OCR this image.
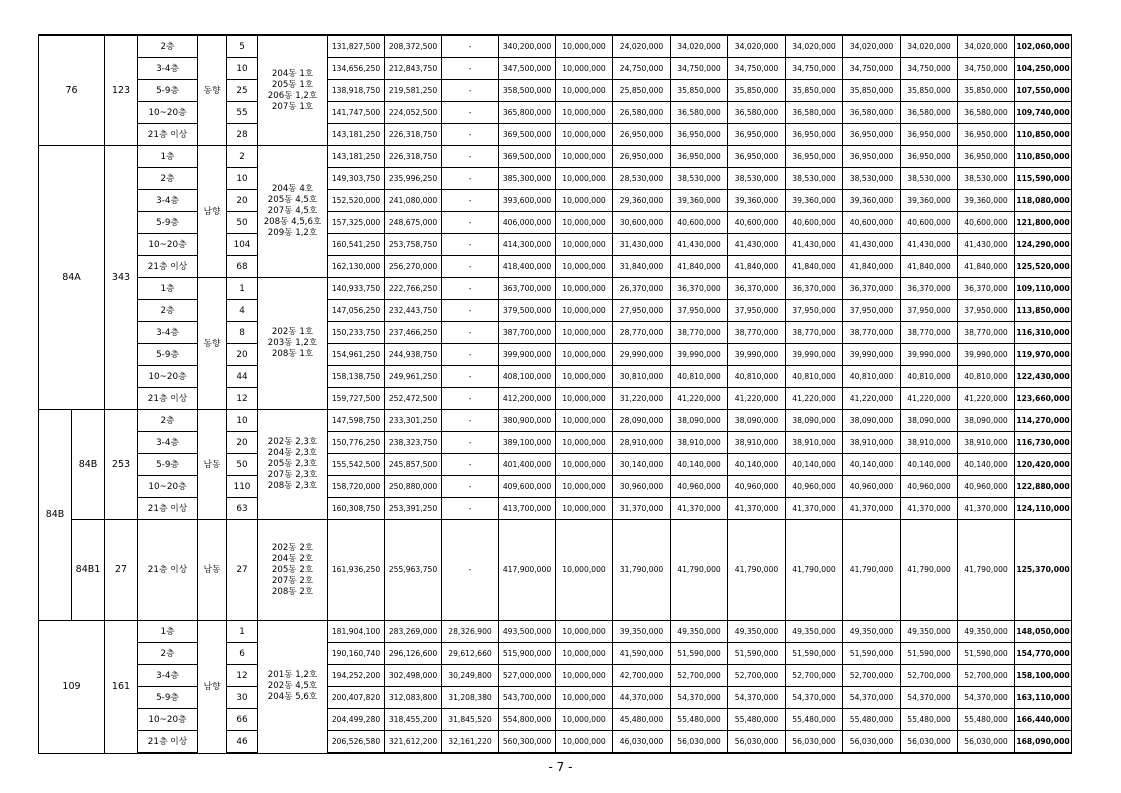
76		123	2층	동향	5	204동 1호
205동 1호
206동 1,2호
207동 1호	131,827,500	208,372,500	-	340,200,000	10,000,000	24,020,000	34,020,000	34,020,000	34,020,000	34,020,000	34,020,000	34,020,000	102,060,000
			3-4층		10		134,656,250	212,843,750	-	347,500,000	10,000,000	24,750,000	34,750,000	34,750,000	34,750,000	34,750,000	34,750,000	34,750,000	104,250,000
			5-9층		25		138,918,750	219,581,250	-	358,500,000	10,000,000	25,850,000	35,850,000	35,850,000	35,850,000	35,850,000	35,850,000	35,850,000	107,550,000
			10~20층		55		141,747,500	224,052,500	-	365,800,000	10,000,000	26,580,000	36,580,000	36,580,000	36,580,000	36,580,000	36,580,000	36,580,000	109,740,000
			21층 이상		28		143,181,250	226,318,750	-	369,500,000	10,000,000	26,950,000	36,950,000	36,950,000	36,950,000	36,950,000	36,950,000	36,950,000	110,850,000
84A		343	1층	남향	2	204동 4호
205동 4,5호
207동 4,5호
208동 4,5,6호
209동 1,2호	143,181,250	226,318,750	-	369,500,000	10,000,000	26,950,000	36,950,000	36,950,000	36,950,000	36,950,000	36,950,000	36,950,000	110,850,000
			2층		10		149,303,750	235,996,250	-	385,300,000	10,000,000	28,530,000	38,530,000	38,530,000	38,530,000	38,530,000	38,530,000	38,530,000	115,590,000
			3-4층		20		152,520,000	241,080,000	-	393,600,000	10,000,000	29,360,000	39,360,000	39,360,000	39,360,000	39,360,000	39,360,000	39,360,000	118,080,000
			5-9층		50		157,325,000	248,675,000	-	406,000,000	10,000,000	30,600,000	40,600,000	40,600,000	40,600,000	40,600,000	40,600,000	40,600,000	121,800,000
			10~20층		104		160,541,250	253,758,750	-	414,300,000	10,000,000	31,430,000	41,430,000	41,430,000	41,430,000	41,430,000	41,430,000	41,430,000	124,290,000
			21층 이상		68		162,130,000	256,270,000	-	418,400,000	10,000,000	31,840,000	41,840,000	41,840,000	41,840,000	41,840,000	41,840,000	41,840,000	125,520,000
			1층	동향	1	202동 1호
203동 1,2호
208동 1호	140,933,750	222,766,250	-	363,700,000	10,000,000	26,370,000	36,370,000	36,370,000	36,370,000	36,370,000	36,370,000	36,370,000	109,110,000
			2층		4		147,056,250	232,443,750	-	379,500,000	10,000,000	27,950,000	37,950,000	37,950,000	37,950,000	37,950,000	37,950,000	37,950,000	113,850,000
			3-4층		8		150,233,750	237,466,250	-	387,700,000	10,000,000	28,770,000	38,770,000	38,770,000	38,770,000	38,770,000	38,770,000	38,770,000	116,310,000
			5-9층		20		154,961,250	244,938,750	-	399,900,000	10,000,000	29,990,000	39,990,000	39,990,000	39,990,000	39,990,000	39,990,000	39,990,000	119,970,000
			10~20층		44		158,138,750	249,961,250	-	408,100,000	10,000,000	30,810,000	40,810,000	40,810,000	40,810,000	40,810,000	40,810,000	40,810,000	122,430,000
			21층 이상		12		159,727,500	252,472,500	-	412,200,000	10,000,000	31,220,000	41,220,000	41,220,000	41,220,000	41,220,000	41,220,000	41,220,000	123,660,000
84B	84B	253	2층	남동	10	202동 2,3호
204동 2,3호
205동 2,3호
207동 2,3호
208동 2,3호	147,598,750	233,301,250	-	380,900,000	10,000,000	28,090,000	38,090,000	38,090,000	38,090,000	38,090,000	38,090,000	38,090,000	114,270,000
			3-4층		20		150,776,250	238,323,750	-	389,100,000	10,000,000	28,910,000	38,910,000	38,910,000	38,910,000	38,910,000	38,910,000	38,910,000	116,730,000
			5-9층		50		155,542,500	245,857,500	-	401,400,000	10,000,000	30,140,000	40,140,000	40,140,000	40,140,000	40,140,000	40,140,000	40,140,000	120,420,000
			10~20층		110		158,720,000	250,880,000	-	409,600,000	10,000,000	30,960,000	40,960,000	40,960,000	40,960,000	40,960,000	40,960,000	40,960,000	122,880,000
			21층 이상		63		160,308,750	253,391,250	-	413,700,000	10,000,000	31,370,000	41,370,000	41,370,000	41,370,000	41,370,000	41,370,000	41,370,000	124,110,000
	84B1	27	21층 이상	남동	27	202동 2호
204동 2호
205동 2호
207동 2호
208동 2호	161,936,250	255,963,750	-	417,900,000	10,000,000	31,790,000	41,790,000	41,790,000	41,790,000	41,790,000	41,790,000	41,790,000	125,370,000
109		161	1층	남향	1	201동 1,2호
202동 4,5호
204동 5,6호	181,904,100	283,269,000	28,326,900	493,500,000	10,000,000	39,350,000	49,350,000	49,350,000	49,350,000	49,350,000	49,350,000	49,350,000	148,050,000
			2층		6		190,160,740	296,126,600	29,612,660	515,900,000	10,000,000	41,590,000	51,590,000	51,590,000	51,590,000	51,590,000	51,590,000	51,590,000	154,770,000
			3-4층		12		194,252,200	302,498,000	30,249,800	527,000,000	10,000,000	42,700,000	52,700,000	52,700,000	52,700,000	52,700,000	52,700,000	52,700,000	158,100,000
			5-9층		30		200,407,820	312,083,800	31,208,380	543,700,000	10,000,000	44,370,000	54,370,000	54,370,000	54,370,000	54,370,000	54,370,000	54,370,000	163,110,000
			10~20층		66		204,499,280	318,455,200	31,845,520	554,800,000	10,000,000	45,480,000	55,480,000	55,480,000	55,480,000	55,480,000	55,480,000	55,480,000	166,440,000
			21층 이상		46		206,526,580	321,612,200	32,161,220	560,300,000	10,000,000	46,030,000	56,030,000	56,030,000	56,030,000	56,030,000	56,030,000	56,030,000	168,090,000
- 7 -
